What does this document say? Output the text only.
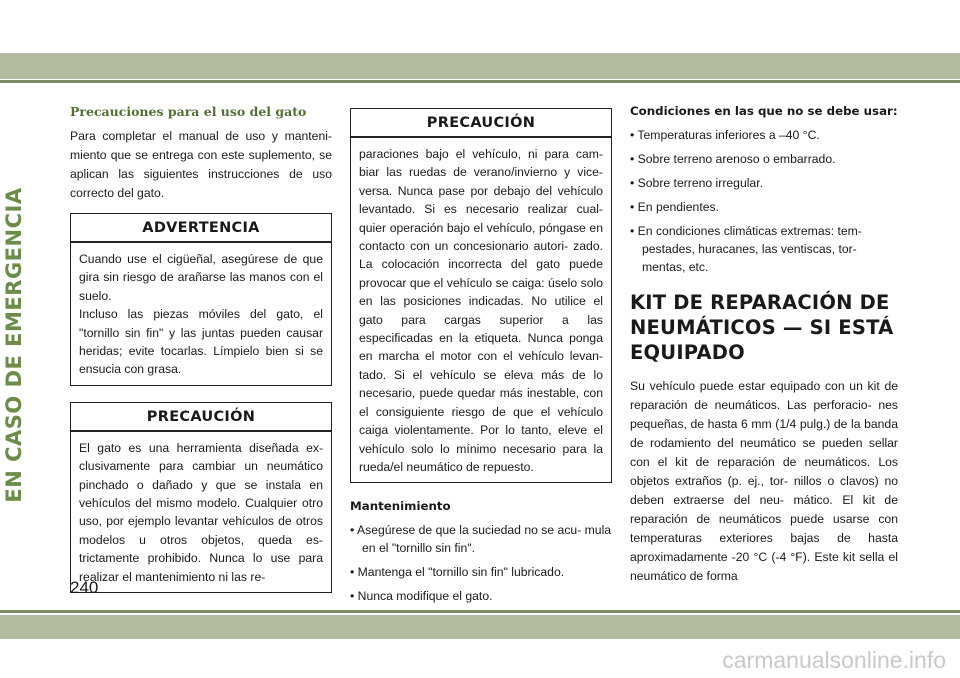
EN CASO DE EMERGENCIA
Precauciones para el uso del gato

Para completar el manual de uso y manteni- miento que se entrega con este suplemento, se aplican las siguientes instrucciones de uso correcto del gato.

ADVERTENCIA
Cuando use el cigüeñal, asegúrese de que gira sin riesgo de arañarse las manos con el suelo.
Incluso las piezas móviles del gato, el "tornillo sin fin" y las juntas pueden causar heridas; evite tocarlas. Límpielo bien si se ensucia con grasa.
PRECAUCIÓN
El gato es una herramienta diseñada ex- clusivamente para cambiar un neumático pinchado o dañado y que se instala en vehículos del mismo modelo. Cualquier otro uso, por ejemplo levantar vehículos de otros modelos u otros objetos, queda es- trictamente prohibido. Nunca lo use para realizar el mantenimiento ni las re-
PRECAUCIÓN
paraciones bajo el vehículo, ni para cam- biar las ruedas de verano/invierno y vice- versa. Nunca pase por debajo del vehículo levantado. Si es necesario realizar cual- quier operación bajo el vehículo, póngase en contacto con un concesionario autori- zado. La colocación incorrecta del gato puede provocar que el vehículo se caiga: úselo solo en las posiciones indicadas. No utilice el gato para cargas superior a las especificadas en la etiqueta. Nunca ponga en marcha el motor con el vehículo levan- tado. Si el vehículo se eleva más de lo necesario, puede quedar más inestable, con el consiguiente riesgo de que el vehículo caiga violentamente. Por lo tanto, eleve el vehículo solo lo mínimo necesario para la rueda/el neumático de repuesto.
Mantenimiento
• Asegúrese de que la suciedad no se acu- mula en el "tornillo sin fin".
• Mantenga el "tornillo sin fin" lubricado.
• Nunca modifique el gato.
Condiciones en las que no se debe usar:
• Temperaturas inferiores a –40 °C.
• Sobre terreno arenoso o embarrado.
• Sobre terreno irregular.
• En pendientes.
• En condiciones climáticas extremas: tem- pestades, huracanes, las ventiscas, tor- mentas, etc.
KIT DE REPARACIÓN DE NEUMÁTICOS — SI ESTÁ EQUIPADO

Su vehículo puede estar equipado con un kit de reparación de neumáticos. Las perforacio- nes pequeñas, de hasta 6 mm (1/4 pulg.) de la banda de rodamiento del neumático se pueden sellar con el kit de reparación de neumáticos. Los objetos extraños (p. ej., tor- nillos o clavos) no deben extraerse del neu- mático. El kit de reparación de neumáticos puede usarse con temperaturas exteriores bajas de hasta aproximadamente -20 °C (-4 °F). Este kit sella el neumático de forma

240
carmanualsonline.info
